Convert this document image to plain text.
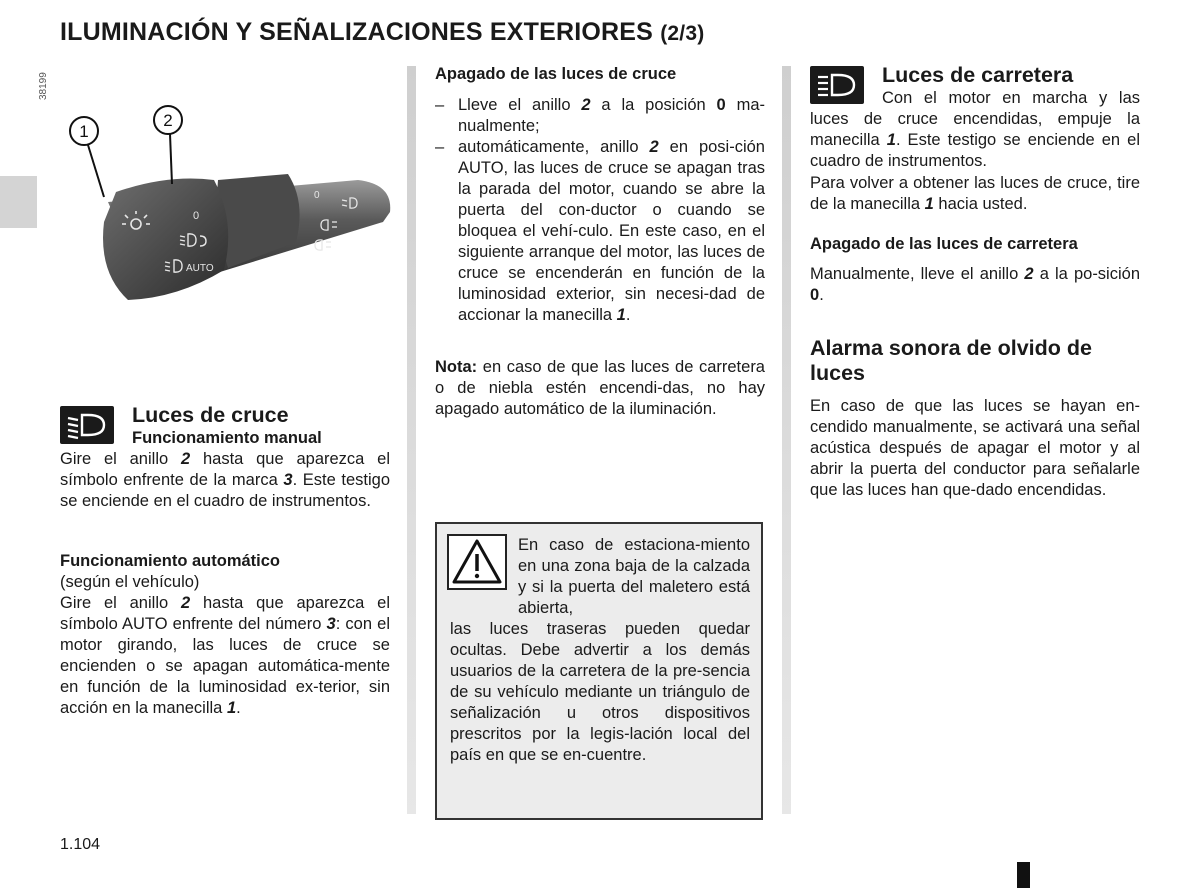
ILUMINACIÓN Y SEÑALIZACIONES EXTERIORES (2/3)
38199
1
2
0
AUTO
0
Luces de cruce
Funcionamiento manual

Gire el anillo 2 hasta que aparezca el símbolo enfrente de la marca 3. Este testigo se enciende en el cuadro de instrumentos.

Funcionamiento automático
(según el vehículo)

Gire el anillo 2 hasta que aparezca el símbolo AUTO enfrente del número 3: con el motor girando, las luces de cruce se encienden o se apagan automática-mente en función de la luminosidad ex-terior, sin acción en la manecilla 1.

Apagado de las luces de cruce
– Lleve el anillo 2 a la posición 0 ma-nualmente;
– automáticamente, anillo 2 en posi-ción AUTO, las luces de cruce se apagan tras la parada del motor, cuando se abre la puerta del con-ductor o cuando se bloquea el vehí-culo. En este caso, en el siguiente arranque del motor, las luces de cruce se encenderán en función de la luminosidad exterior, sin necesi-dad de accionar la manecilla 1.

Nota: en caso de que las luces de carretera o de niebla estén encendi-das, no hay apagado automático de la iluminación.

En caso de estaciona-miento en una zona baja de la calzada y si la puerta del maletero está abierta,

las luces traseras pueden quedar ocultas. Debe advertir a los demás usuarios de la carretera de la pre-sencia de su vehículo mediante un triángulo de señalización u otros dispositivos prescritos por la legis-lación local del país en que se en-cuentre.

Luces de carretera

Con el motor en marcha y las luces de cruce encendidas, empuje la manecilla 1. Este testigo se enciende en el cuadro de instrumentos.

Para volver a obtener las luces de cruce, tire de la manecilla 1 hacia usted.

Apagado de las luces de carretera

Manualmente, lleve el anillo 2 a la po-sición 0.

Alarma sonora de olvido de luces

En caso de que las luces se hayan en-cendido manualmente, se activará una señal acústica después de apagar el motor y al abrir la puerta del conductor para señalarle que las luces han que-dado encendidas.

1.104
